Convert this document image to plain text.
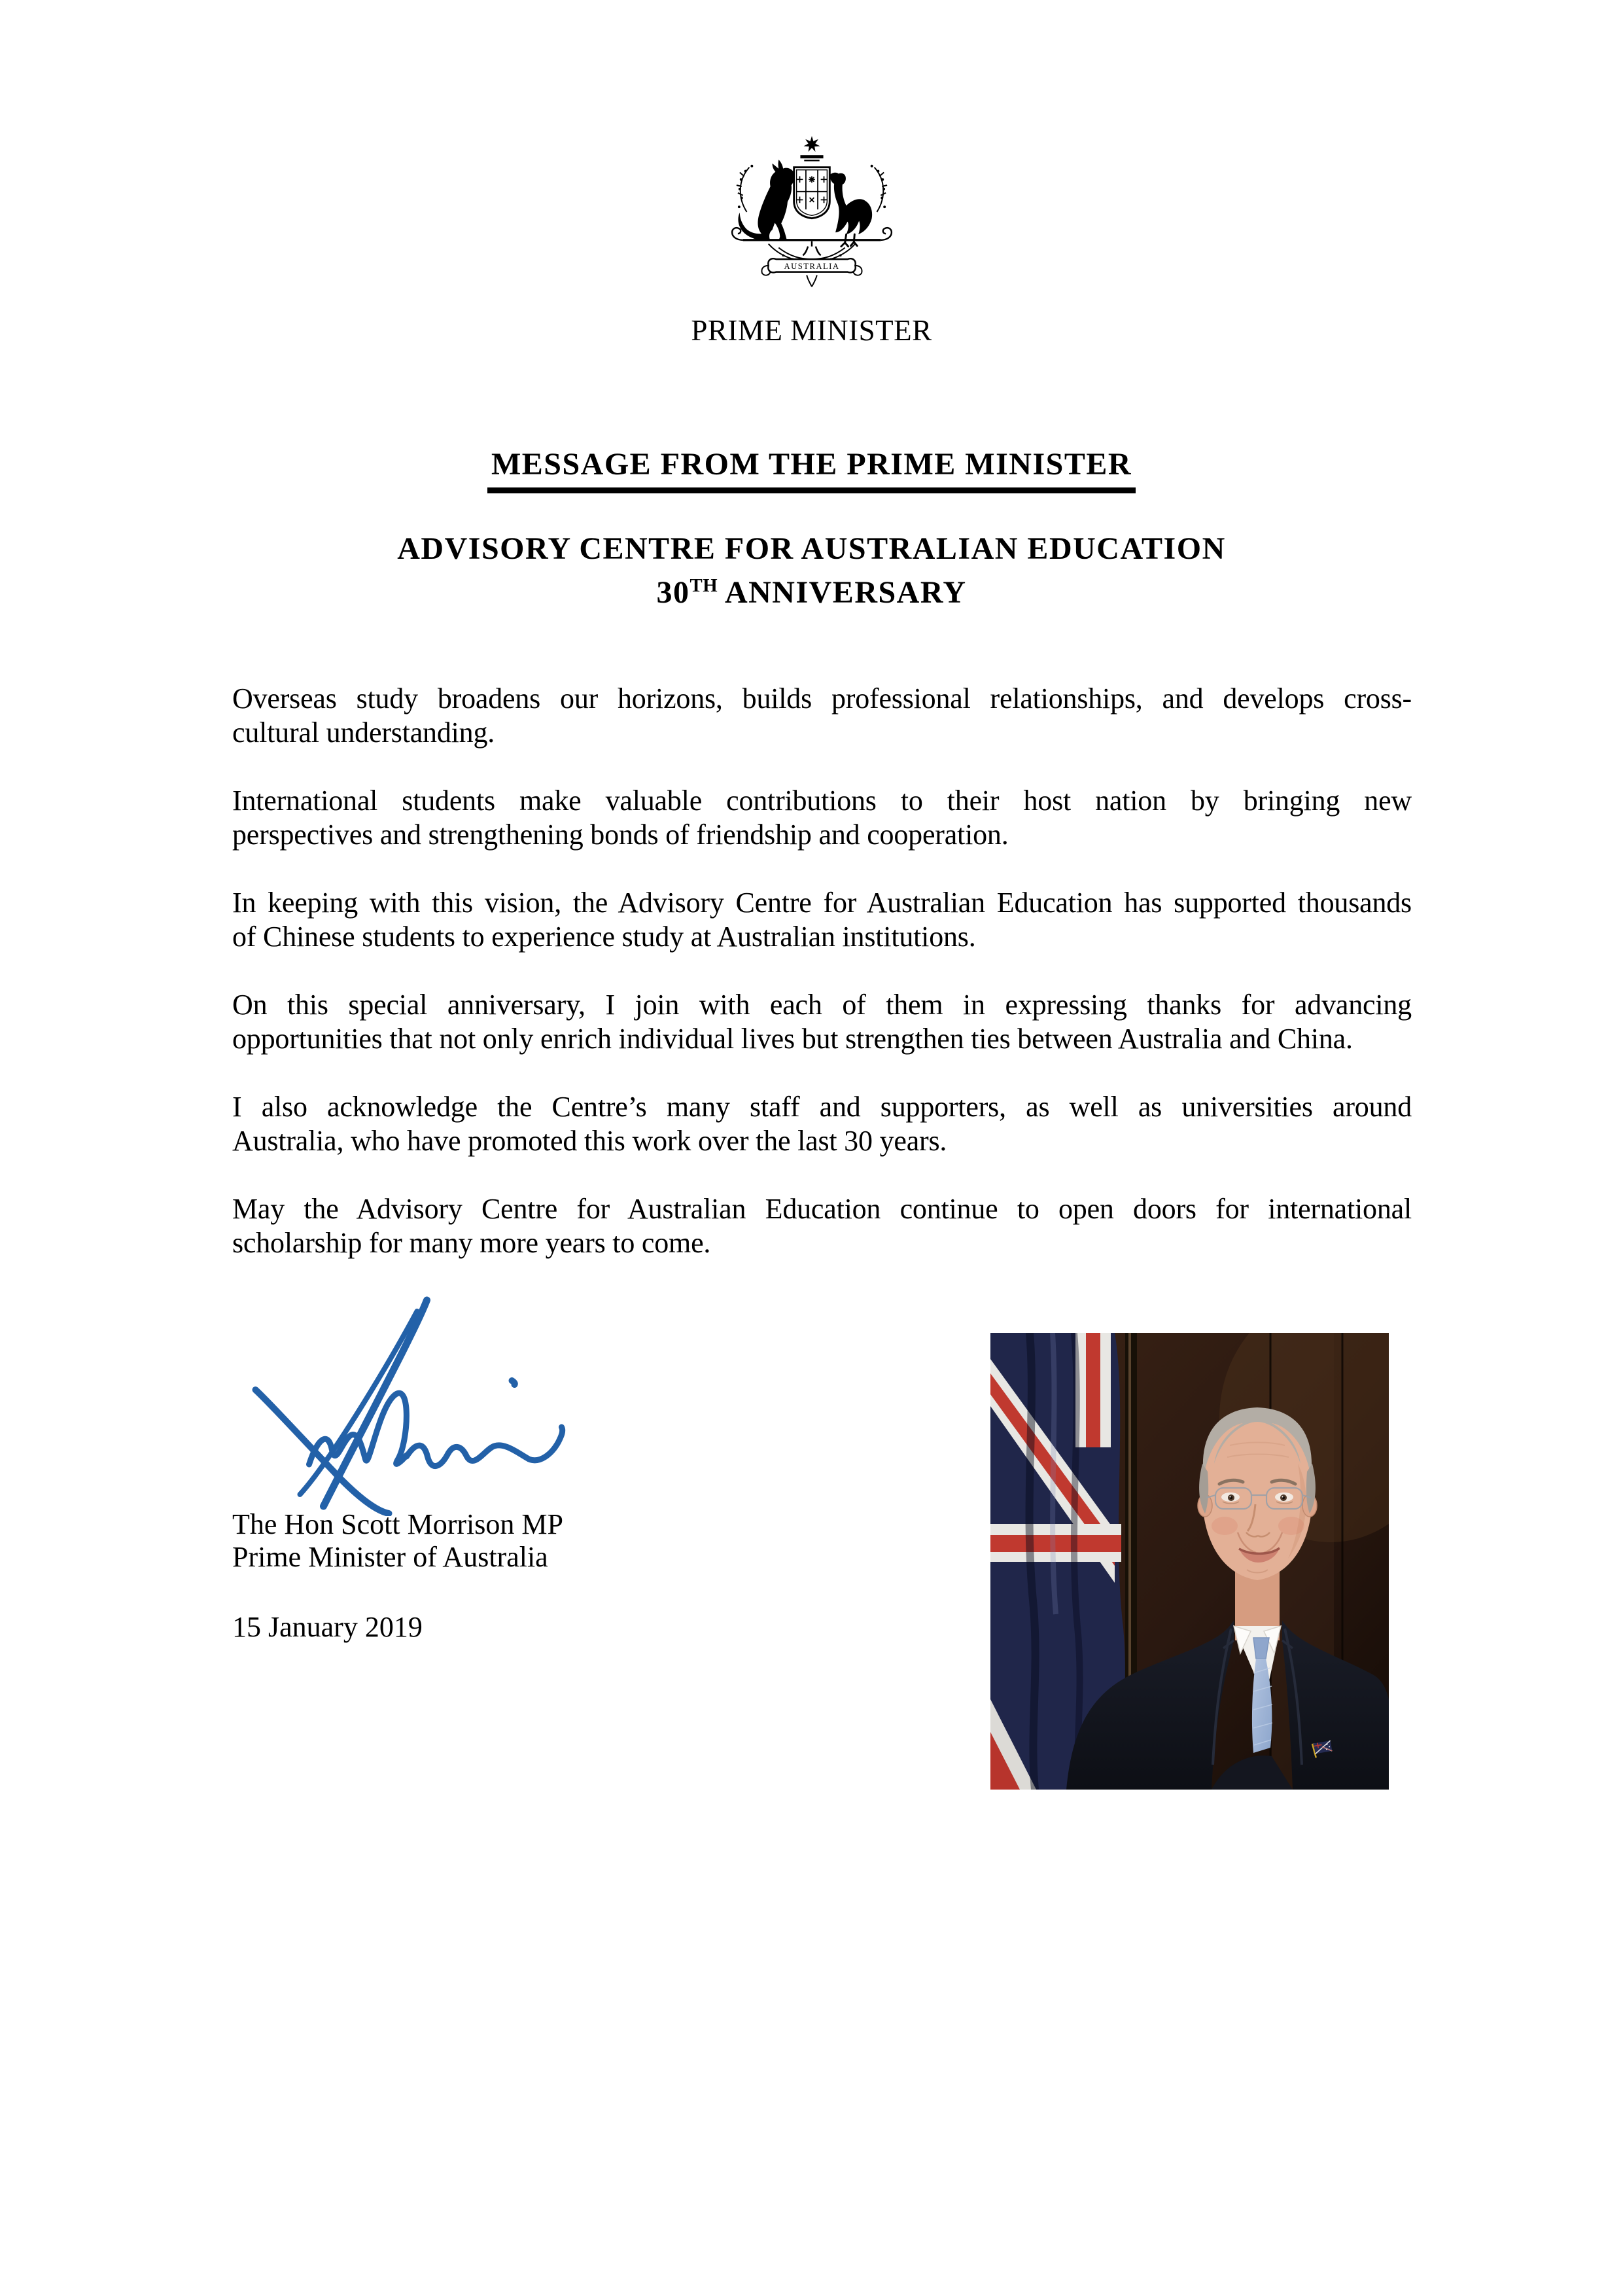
AUSTRALIA
PRIME MINISTER
MESSAGE FROM THE PRIME MINISTER
ADVISORY CENTRE FOR AUSTRALIAN EDUCATION
30TH ANNIVERSARY
Overseas study broadens our horizons, builds professional relationships, and develops cross-
cultural understanding.
International students make valuable contributions to their host nation by bringing new
perspectives and strengthening bonds of friendship and cooperation.
In keeping with this vision, the Advisory Centre for Australian Education has supported thousands
of Chinese students to experience study at Australian institutions.
On this special anniversary, I join with each of them in expressing thanks for advancing
opportunities that not only enrich individual lives but strengthen ties between Australia and China.
I also acknowledge the Centre’s many staff and supporters, as well as universities around
Australia, who have promoted this work over the last 30 years.
May the Advisory Centre for Australian Education continue to open doors for international
scholarship for many more years to come.
The Hon Scott Morrison MP
Prime Minister of Australia
15 January 2019
